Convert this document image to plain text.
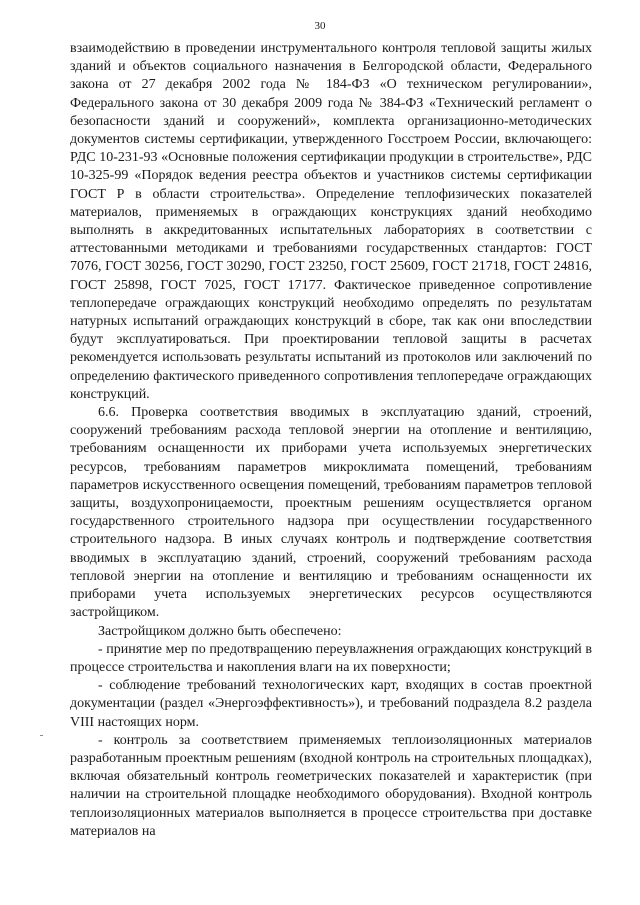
30

взаимодействию в проведении инструментального контроля тепловой защиты жилых зданий и объектов социального назначения в Белгородской области, Федерального закона от 27 декабря 2002 года № 184-ФЗ «О техническом регулировании», Федерального закона от 30 декабря 2009 года № 384-ФЗ «Технический регламент о безопасности зданий и сооружений», комплекта организационно-методических документов системы сертификации, утвержденного Госстроем России, включающего: РДС 10-231-93 «Основные положения сертификации продукции в строительстве», РДС 10-325-99 «Порядок ведения реестра объектов и участников системы сертификации ГОСТ Р в области строительства». Определение теплофизических показателей материалов, применяемых в ограждающих конструкциях зданий необходимо выполнять в аккредитованных испытательных лабораториях в соответствии с аттестованными методиками и требованиями государственных стандартов: ГОСТ 7076, ГОСТ 30256, ГОСТ 30290, ГОСТ 23250, ГОСТ 25609, ГОСТ 21718, ГОСТ 24816, ГОСТ 25898, ГОСТ 7025, ГОСТ 17177. Фактическое приведенное сопротивление теплопередаче ограждающих конструкций необходимо определять по результатам натурных испытаний ограждающих конструкций в сборе, так как они впоследствии будут эксплуатироваться. При проектировании тепловой защиты в расчетах рекомендуется использовать результаты испытаний из протоколов или заключений по определению фактического приведенного сопротивления теплопередаче ограждающих конструкций.

6.6. Проверка соответствия вводимых в эксплуатацию зданий, строений, сооружений требованиям расхода тепловой энергии на отопление и вентиляцию, требованиям оснащенности их приборами учета используемых энергетических ресурсов, требованиям параметров микроклимата помещений, требованиям параметров искусственного освещения помещений, требованиям параметров тепловой защиты, воздухопроницаемости, проектным решениям осуществляется органом государственного строительного надзора при осуществлении государственного строительного надзора. В иных случаях контроль и подтверждение соответствия вводимых в эксплуатацию зданий, строений, сооружений требованиям расхода тепловой энергии на отопление и вентиляцию и требованиям оснащенности их приборами учета используемых энергетических ресурсов осуществляются застройщиком.

Застройщиком должно быть обеспечено:

- принятие мер по предотвращению переувлажнения ограждающих конструкций в процессе строительства и накопления влаги на их поверхности;

- соблюдение требований технологических карт, входящих в состав проектной документации (раздел «Энергоэффективность»), и требований подраздела 8.2 раздела VIII настоящих норм.

- контроль за соответствием применяемых теплоизоляционных материалов разработанным проектным решениям (входной контроль на строительных площадках), включая обязательный контроль геометрических показателей и характеристик (при наличии на строительной площадке необходимого оборудования). Входной контроль теплоизоляционных материалов выполняется в процессе строительства при доставке материалов на
